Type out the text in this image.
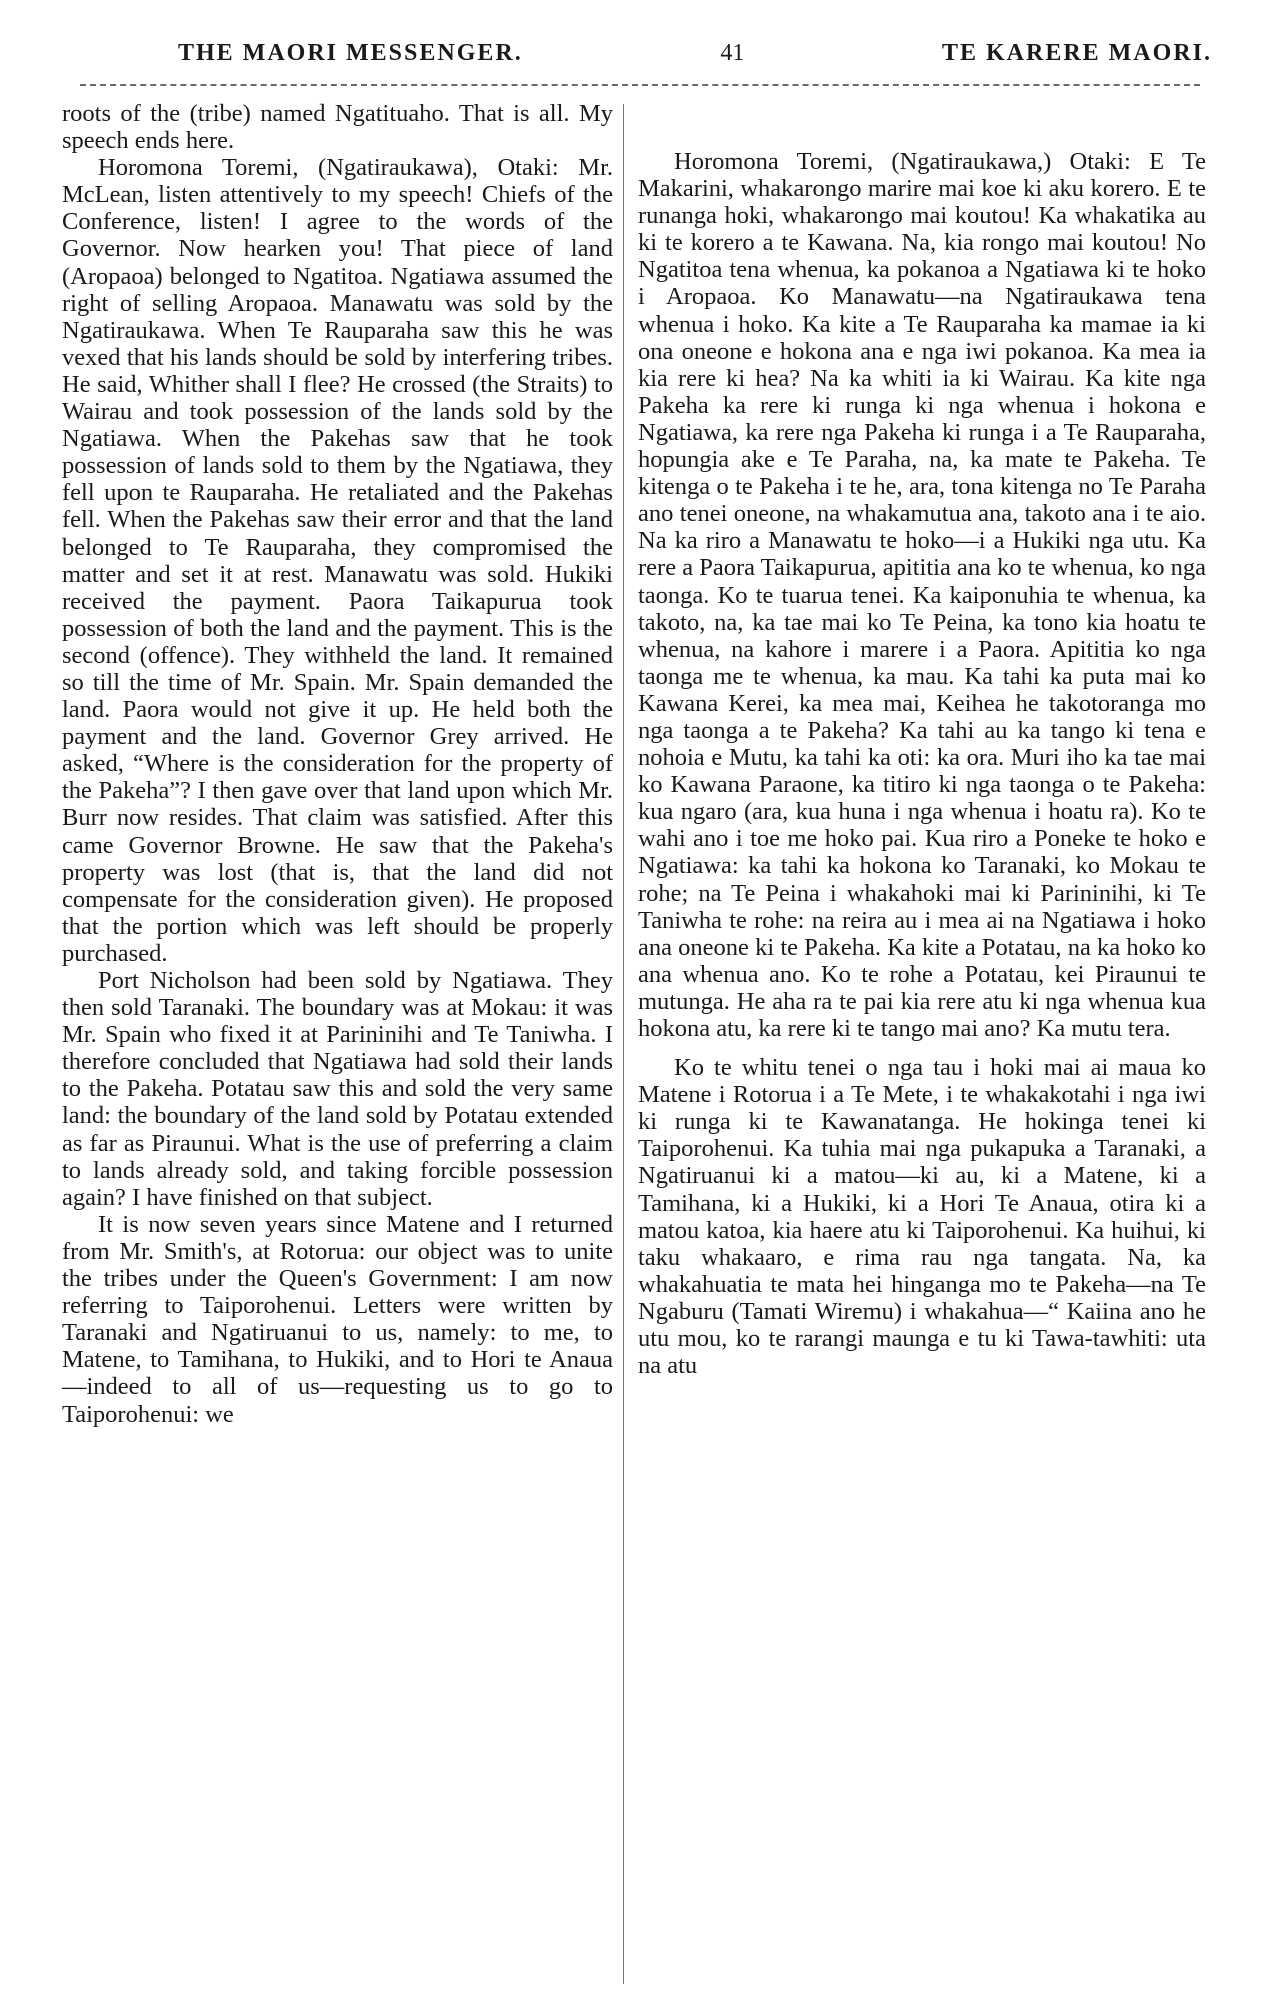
THE MAORI MESSENGER.	41	TE KARERE MAORI.

roots of the (tribe) named Ngatituaho. That is all. My speech ends here.

Horomona Toremi, (Ngatiraukawa), Otaki: Mr. McLean, listen attentively to my speech! Chiefs of the Conference, listen! I agree to the words of the Governor. Now hearken you! That piece of land (Aropaoa) belonged to Ngatitoa. Ngatiawa assumed the right of selling Aropaoa. Manawatu was sold by the Ngatiraukawa. When Te Rauparaha saw this he was vexed that his lands should be sold by interfering tribes. He said, Whither shall I flee? He crossed (the Straits) to Wairau and took possession of the lands sold by the Ngatiawa. When the Pakehas saw that he took possession of lands sold to them by the Ngatiawa, they fell upon te Rauparaha. He retaliated and the Pakehas fell. When the Pakehas saw their error and that the land belonged to Te Rauparaha, they compromised the matter and set it at rest. Manawatu was sold. Hukiki received the payment. Paora Taikapurua took possession of both the land and the payment. This is the second (offence). They withheld the land. It remained so till the time of Mr. Spain. Mr. Spain demanded the land. Paora would not give it up. He held both the payment and the land. Governor Grey arrived. He asked, “Where is the consideration for the property of the Pakeha”? I then gave over that land upon which Mr. Burr now resides. That claim was satisfied. After this came Governor Browne. He saw that the Pakeha's property was lost (that is, that the land did not compensate for the consideration given). He proposed that the portion which was left should be properly purchased.

Port Nicholson had been sold by Ngatiawa. They then sold Taranaki. The boundary was at Mokau: it was Mr. Spain who fixed it at Parininihi and Te Taniwha. I therefore concluded that Ngatiawa had sold their lands to the Pakeha. Potatau saw this and sold the very same land: the boundary of the land sold by Potatau extended as far as Piraunui. What is the use of preferring a claim to lands already sold, and taking forcible possession again? I have finished on that subject.

It is now seven years since Matene and I returned from Mr. Smith's, at Rotorua: our object was to unite the tribes under the Queen's Government: I am now referring to Taiporohenui. Letters were written by Taranaki and Ngatiruanui to us, namely: to me, to Matene, to Tamihana, to Hukiki, and to Hori te Anaua—indeed to all of us—requesting us to go to Taiporohenui: we

Horomona Toremi, (Ngatiraukawa,) Otaki: E Te Makarini, whakarongo marire mai koe ki aku korero. E te runanga hoki, whakarongo mai koutou! Ka whakatika au ki te korero a te Kawana. Na, kia rongo mai koutou! No Ngatitoa tena whenua, ka pokanoa a Ngatiawa ki te hoko i Aropaoa. Ko Manawatu—na Ngatiraukawa tena whenua i hoko. Ka kite a Te Rauparaha ka mamae ia ki ona oneone e hokona ana e nga iwi pokanoa. Ka mea ia kia rere ki hea? Na ka whiti ia ki Wairau. Ka kite nga Pakeha ka rere ki runga ki nga whenua i hokona e Ngatiawa, ka rere nga Pakeha ki runga i a Te Rauparaha, hopungia ake e Te Paraha, na, ka mate te Pakeha. Te kitenga o te Pakeha i te he, ara, tona kitenga no Te Paraha ano tenei oneone, na whakamutua ana, takoto ana i te aio. Na ka riro a Manawatu te hoko—i a Hukiki nga utu. Ka rere a Paora Taikapurua, apititia ana ko te whenua, ko nga taonga. Ko te tuarua tenei. Ka kaiponuhia te whenua, ka takoto, na, ka tae mai ko Te Peina, ka tono kia hoatu te whenua, na kahore i marere i a Paora. Apititia ko nga taonga me te whenua, ka mau. Ka tahi ka puta mai ko Kawana Kerei, ka mea mai, Keihea he takotoranga mo nga taonga a te Pakeha? Ka tahi au ka tango ki tena e nohoia e Mutu, ka tahi ka oti: ka ora. Muri iho ka tae mai ko Kawana Paraone, ka titiro ki nga taonga o te Pakeha: kua ngaro (ara, kua huna i nga whenua i hoatu ra). Ko te wahi ano i toe me hoko pai. Kua riro a Poneke te hoko e Ngatiawa: ka tahi ka hokona ko Taranaki, ko Mokau te rohe; na Te Peina i whakahoki mai ki Parininihi, ki Te Taniwha te rohe: na reira au i mea ai na Ngatiawa i hoko ana oneone ki te Pakeha. Ka kite a Potatau, na ka hoko ko ana whenua ano. Ko te rohe a Potatau, kei Piraunui te mutunga. He aha ra te pai kia rere atu ki nga whenua kua hokona atu, ka rere ki te tango mai ano? Ka mutu tera.

Ko te whitu tenei o nga tau i hoki mai ai maua ko Matene i Rotorua i a Te Mete, i te whakakotahi i nga iwi ki runga ki te Kawanatanga. He hokinga tenei ki Taiporohenui. Ka tuhia mai nga pukapuka a Taranaki, a Ngatiruanui ki a matou—ki au, ki a Matene, ki a Tamihana, ki a Hukiki, ki a Hori Te Anaua, otira ki a matou katoa, kia haere atu ki Taiporohenui. Ka huihui, ki taku whakaaro, e rima rau nga tangata. Na, ka whakahuatia te mata hei hinganga mo te Pakeha—na Te Ngaburu (Tamati Wiremu) i whakahua—“ Kaiina ano he utu mou, ko te rarangi maunga e tu ki Tawa-tawhiti: uta na atu
